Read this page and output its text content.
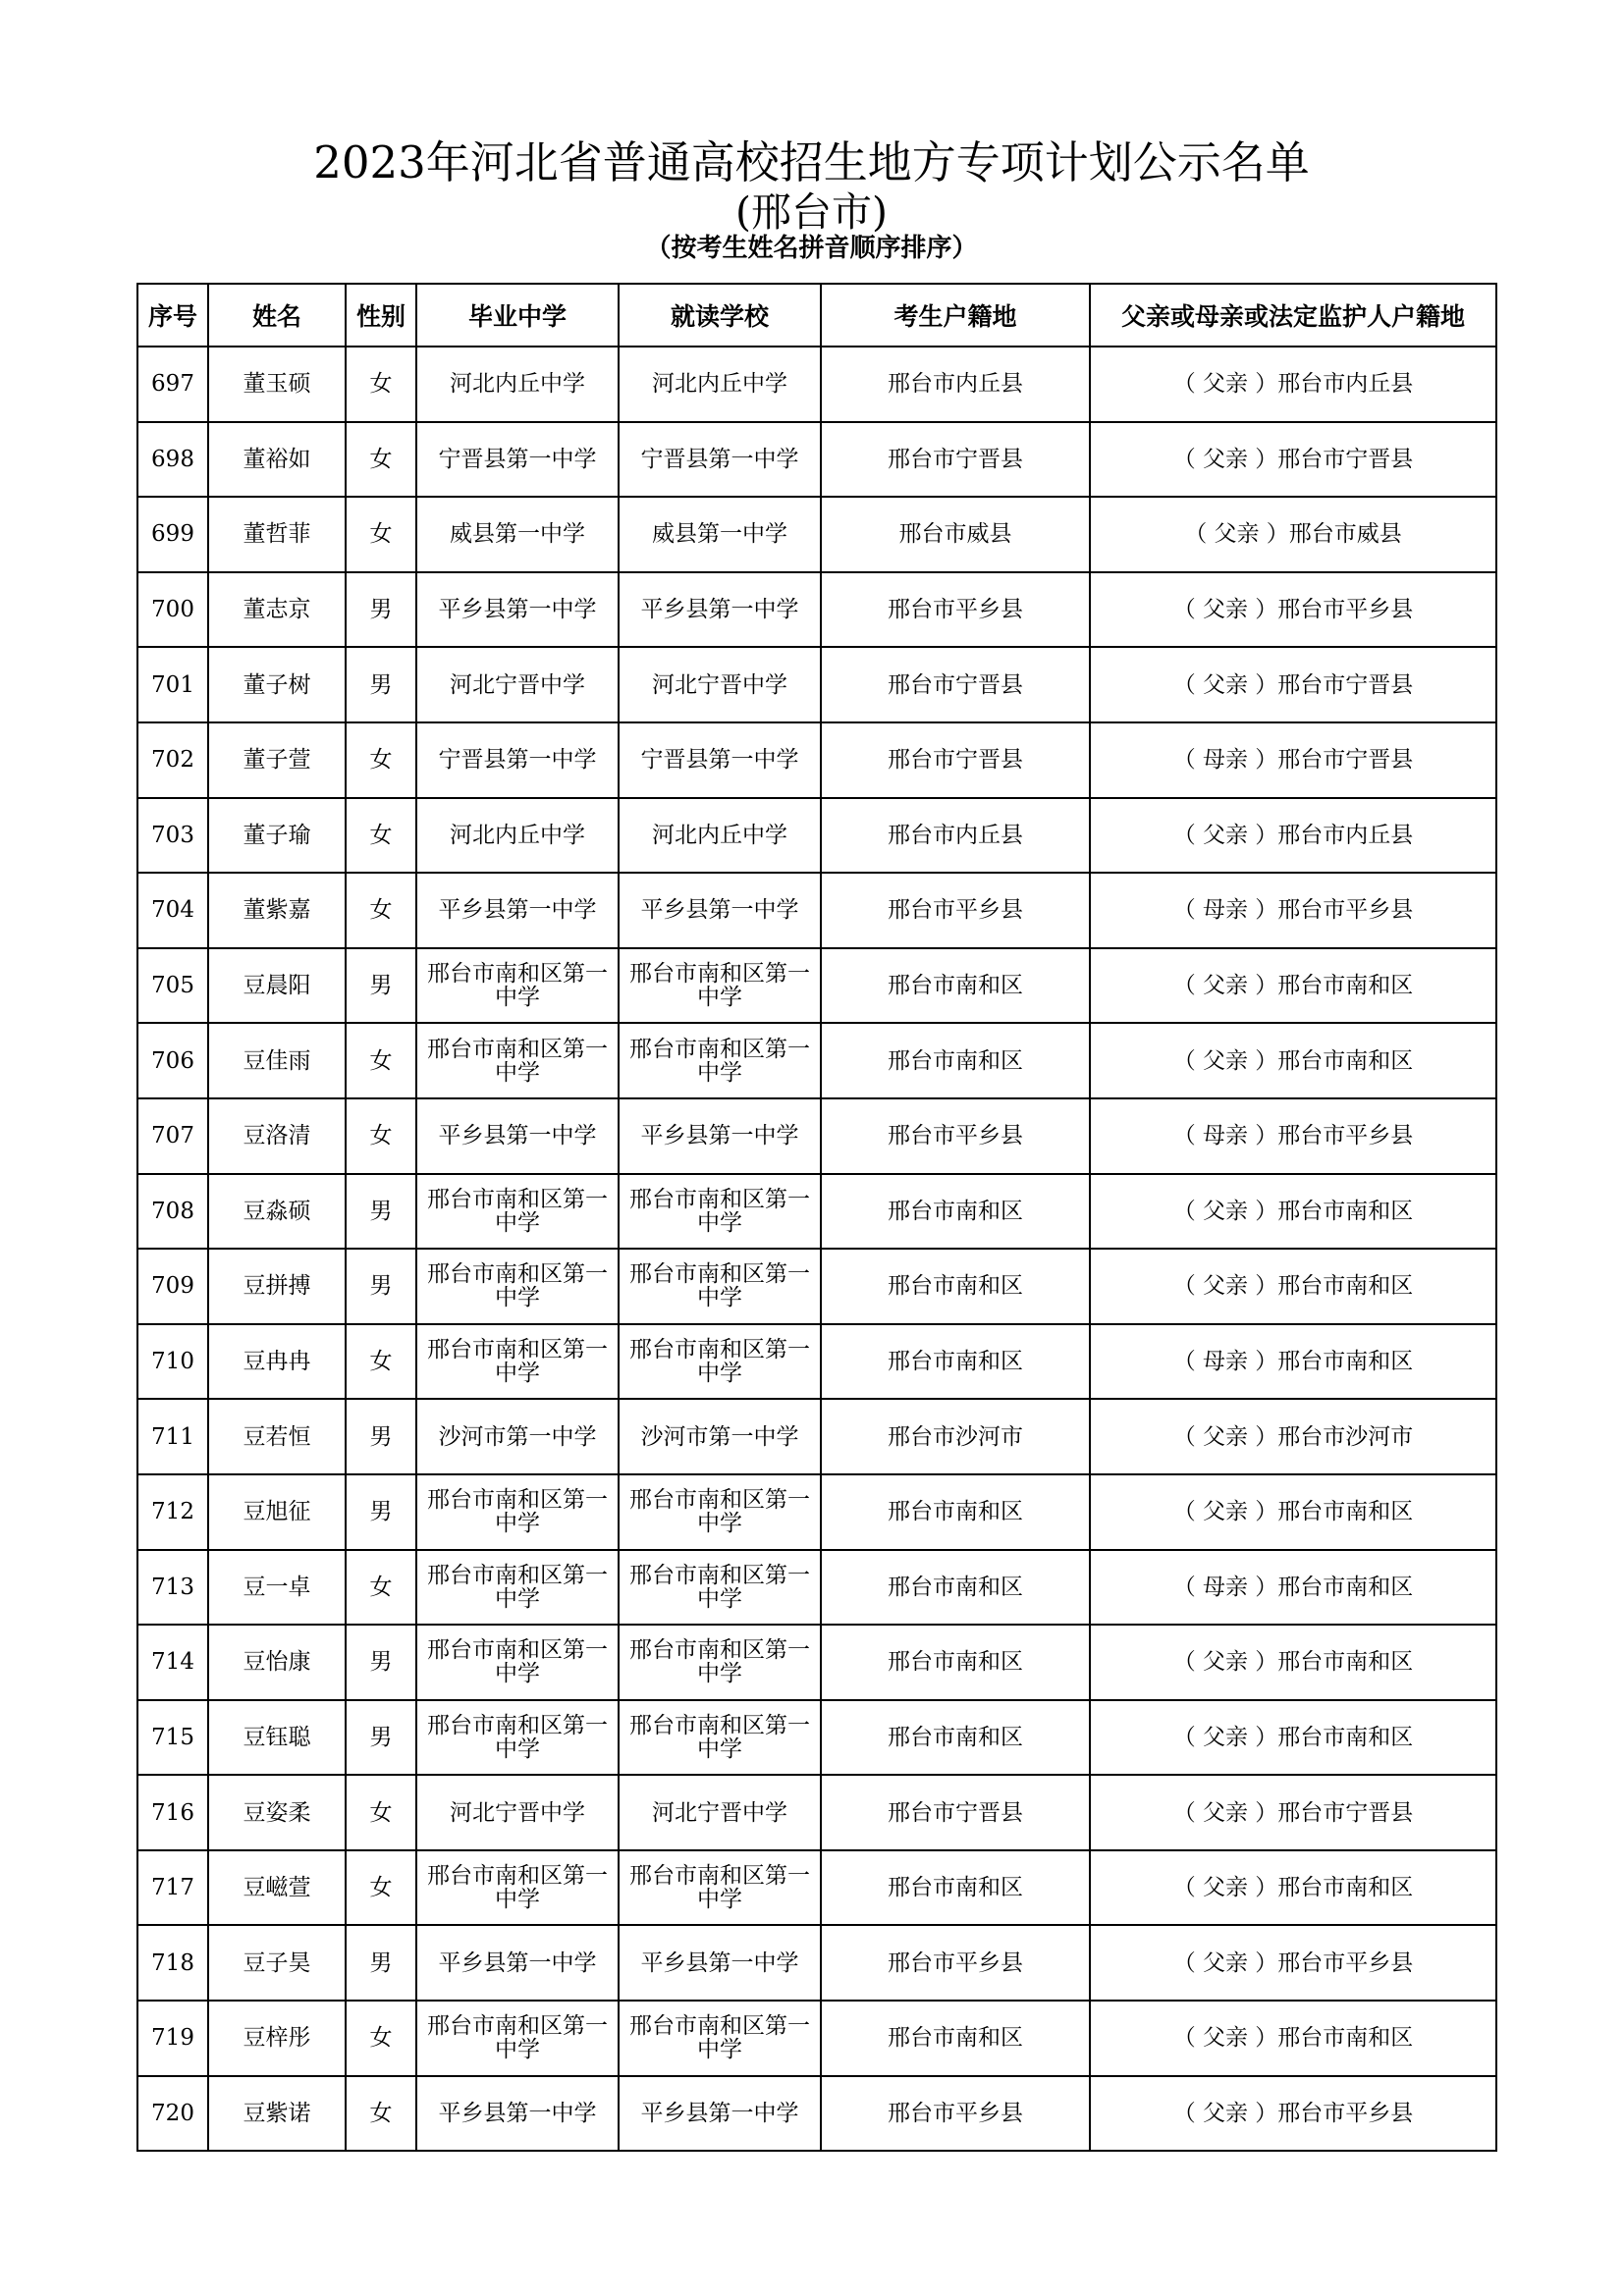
2023年河北省普通高校招生地方专项计划公示名单
(邢台市)
（按考生姓名拼音顺序排序）
序号	姓名	性别	毕业中学	就读学校	考生户籍地	父亲或母亲或法定监护人户籍地
697	董玉硕	女	河北内丘中学	河北内丘中学	邢台市内丘县	（ 父亲 ）邢台市内丘县
698	董裕如	女	宁晋县第一中学	宁晋县第一中学	邢台市宁晋县	（ 父亲 ）邢台市宁晋县
699	董哲菲	女	威县第一中学	威县第一中学	邢台市威县	（ 父亲 ）邢台市威县
700	董志京	男	平乡县第一中学	平乡县第一中学	邢台市平乡县	（ 父亲 ）邢台市平乡县
701	董子树	男	河北宁晋中学	河北宁晋中学	邢台市宁晋县	（ 父亲 ）邢台市宁晋县
702	董子萱	女	宁晋县第一中学	宁晋县第一中学	邢台市宁晋县	（ 母亲 ）邢台市宁晋县
703	董子瑜	女	河北内丘中学	河北内丘中学	邢台市内丘县	（ 父亲 ）邢台市内丘县
704	董紫嘉	女	平乡县第一中学	平乡县第一中学	邢台市平乡县	（ 母亲 ）邢台市平乡县
705	豆晨阳	男	邢台市南和区第一中学	邢台市南和区第一中学	邢台市南和区	（ 父亲 ）邢台市南和区
706	豆佳雨	女	邢台市南和区第一中学	邢台市南和区第一中学	邢台市南和区	（ 父亲 ）邢台市南和区
707	豆洛清	女	平乡县第一中学	平乡县第一中学	邢台市平乡县	（ 母亲 ）邢台市平乡县
708	豆淼硕	男	邢台市南和区第一中学	邢台市南和区第一中学	邢台市南和区	（ 父亲 ）邢台市南和区
709	豆拼搏	男	邢台市南和区第一中学	邢台市南和区第一中学	邢台市南和区	（ 父亲 ）邢台市南和区
710	豆冉冉	女	邢台市南和区第一中学	邢台市南和区第一中学	邢台市南和区	（ 母亲 ）邢台市南和区
711	豆若恒	男	沙河市第一中学	沙河市第一中学	邢台市沙河市	（ 父亲 ）邢台市沙河市
712	豆旭征	男	邢台市南和区第一中学	邢台市南和区第一中学	邢台市南和区	（ 父亲 ）邢台市南和区
713	豆一卓	女	邢台市南和区第一中学	邢台市南和区第一中学	邢台市南和区	（ 母亲 ）邢台市南和区
714	豆怡康	男	邢台市南和区第一中学	邢台市南和区第一中学	邢台市南和区	（ 父亲 ）邢台市南和区
715	豆钰聪	男	邢台市南和区第一中学	邢台市南和区第一中学	邢台市南和区	（ 父亲 ）邢台市南和区
716	豆姿柔	女	河北宁晋中学	河北宁晋中学	邢台市宁晋县	（ 父亲 ）邢台市宁晋县
717	豆嵫萱	女	邢台市南和区第一中学	邢台市南和区第一中学	邢台市南和区	（ 父亲 ）邢台市南和区
718	豆子昊	男	平乡县第一中学	平乡县第一中学	邢台市平乡县	（ 父亲 ）邢台市平乡县
719	豆梓彤	女	邢台市南和区第一中学	邢台市南和区第一中学	邢台市南和区	（ 父亲 ）邢台市南和区
720	豆紫诺	女	平乡县第一中学	平乡县第一中学	邢台市平乡县	（ 父亲 ）邢台市平乡县
